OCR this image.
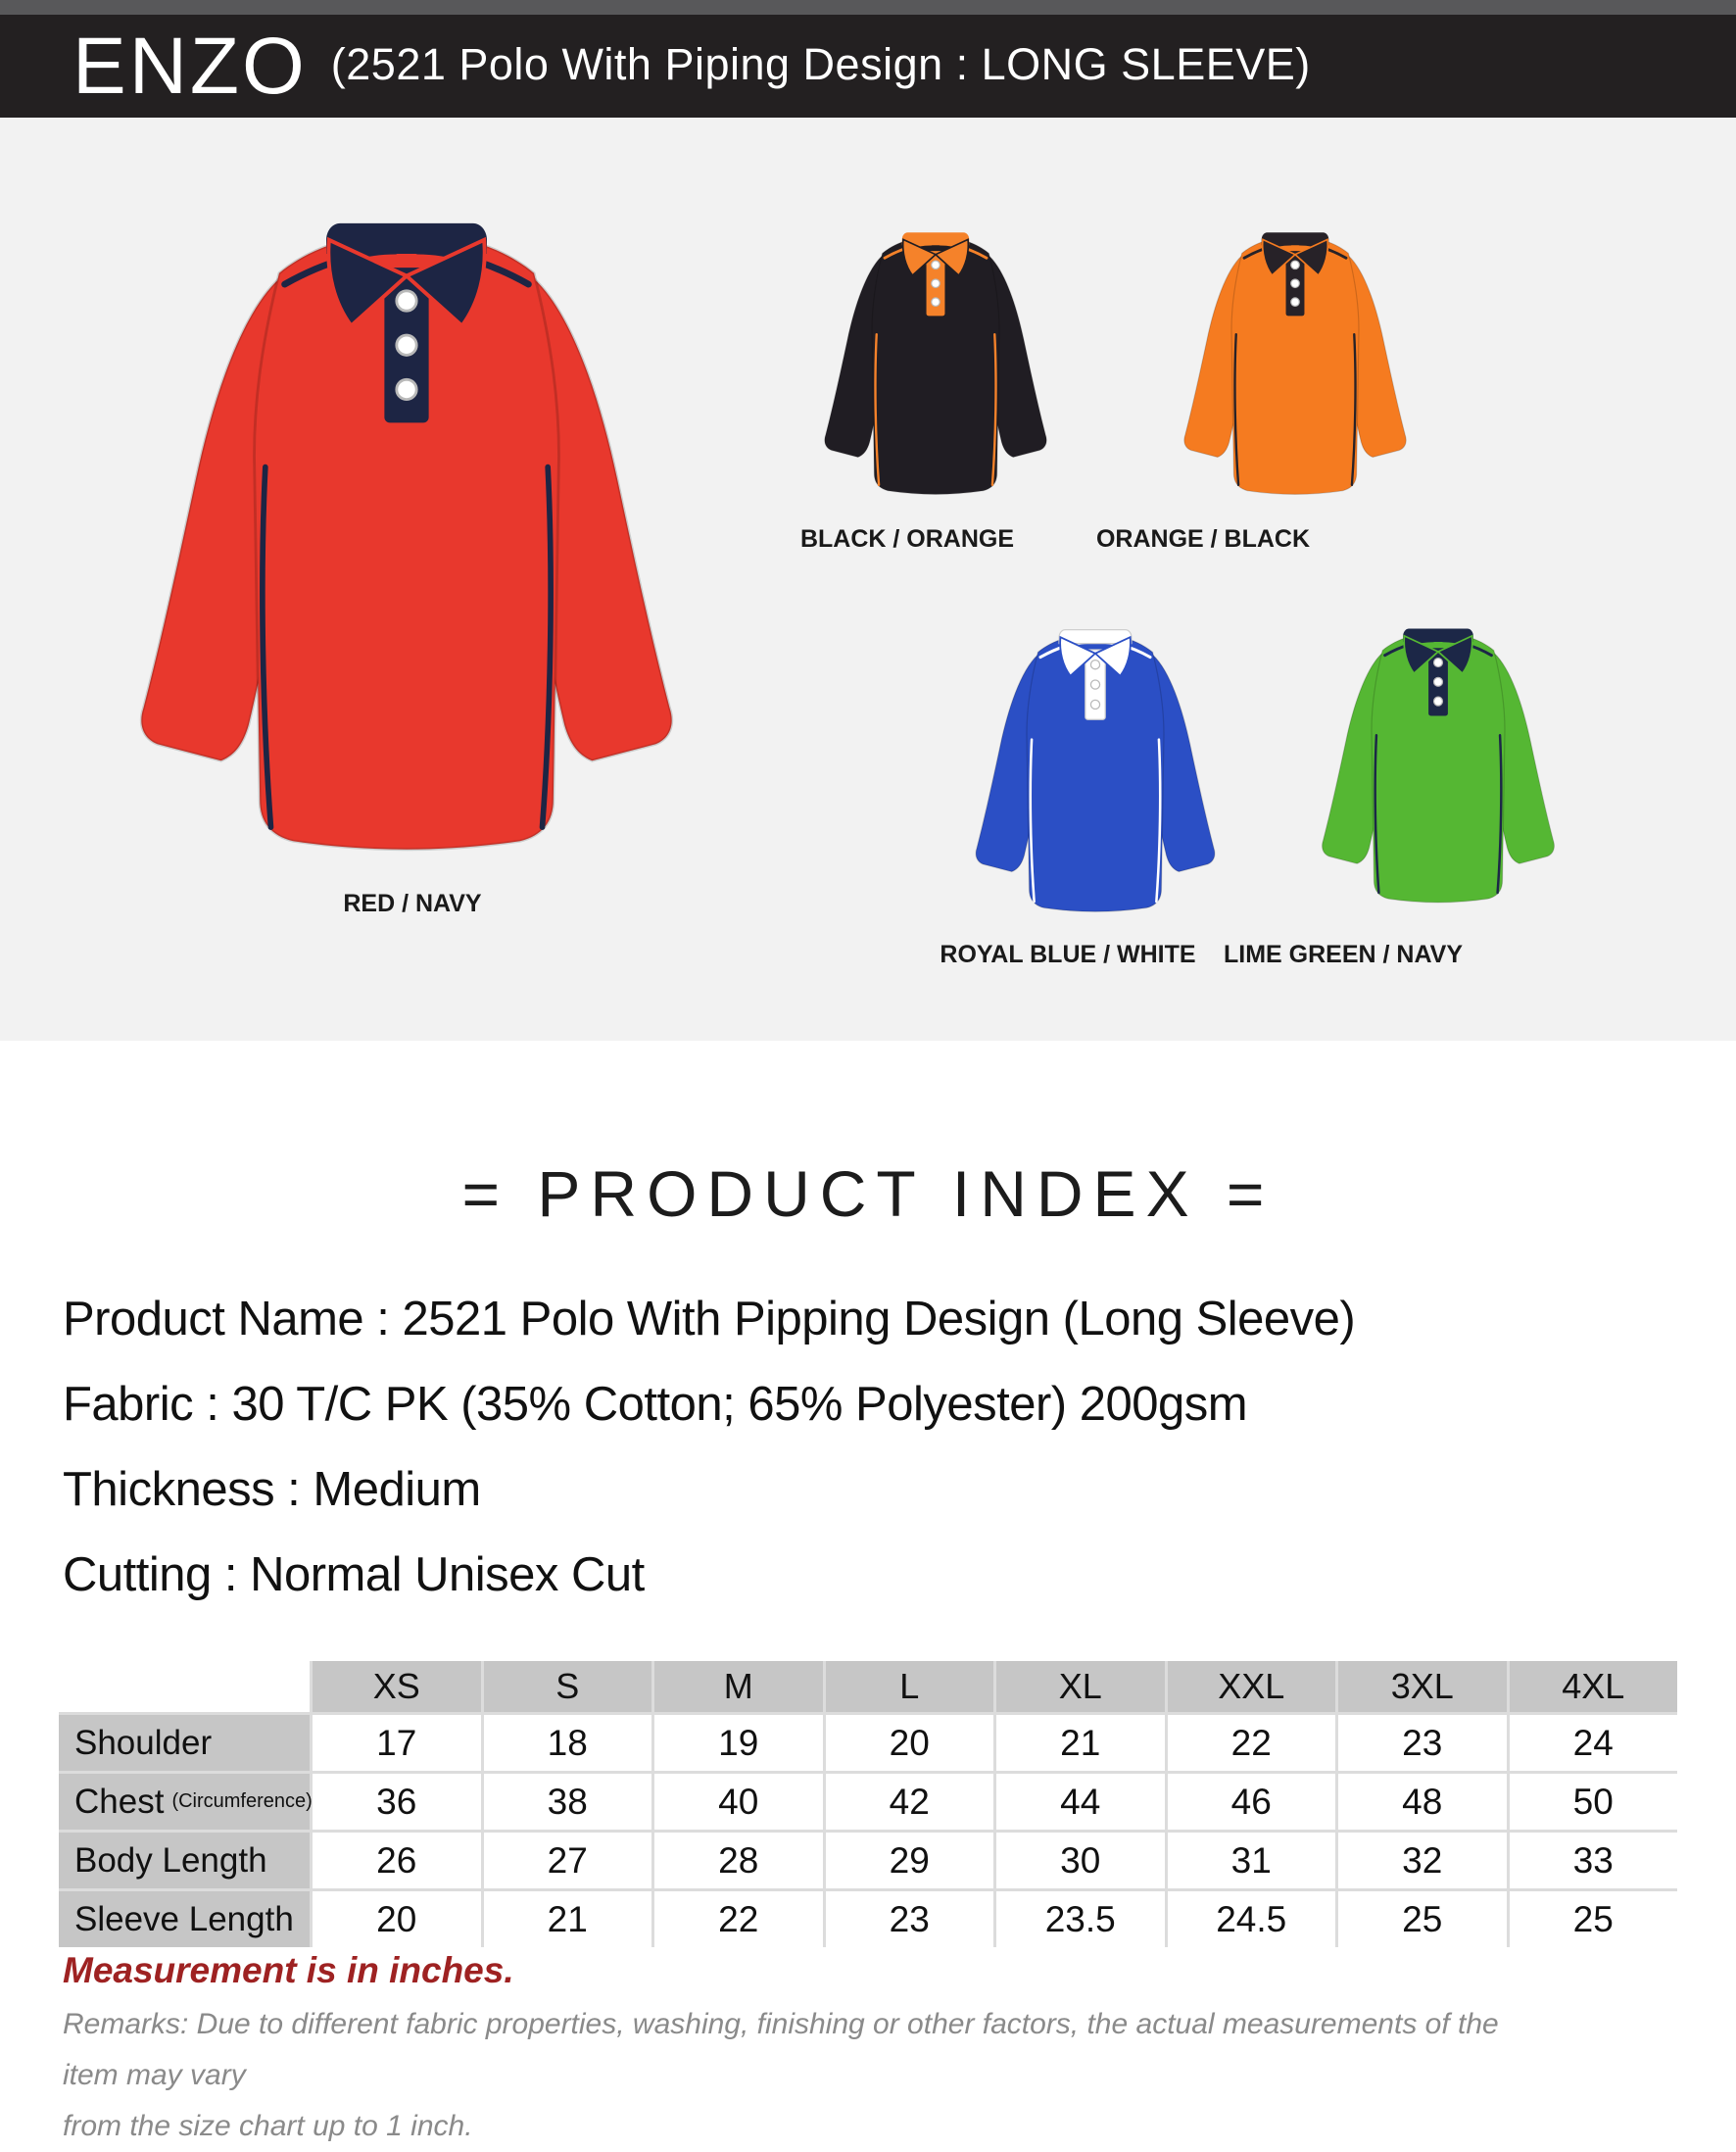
ENZO (2521 Polo With Piping Design : LONG SLEEVE)
RED / NAVY
BLACK / ORANGE	ORANGE / BLACK
ROYAL BLUE / WHITE	LIME GREEN / NAVY
= PRODUCT INDEX =
Product Name : 2521 Polo With Pipping Design (Long Sleeve)
Fabric : 30 T/C PK (35% Cotton; 65% Polyester) 200gsm
Thickness : Medium
Cutting : Normal Unisex Cut
XS	S	M	L	XL	XXL	3XL	4XL
Shoulder	17	18	19	20	21	22	23	24
Chest (Circumference)	36	38	40	42	44	46	48	50
Body Length	26	27	28	29	30	31	32	33
Sleeve Length	20	21	22	23	23.5	24.5	25	25
Measurement is in inches.
Remarks: Due to different fabric properties, washing, finishing or other factors, the actual measurements of the item may vary
from the size chart up to 1 inch.
